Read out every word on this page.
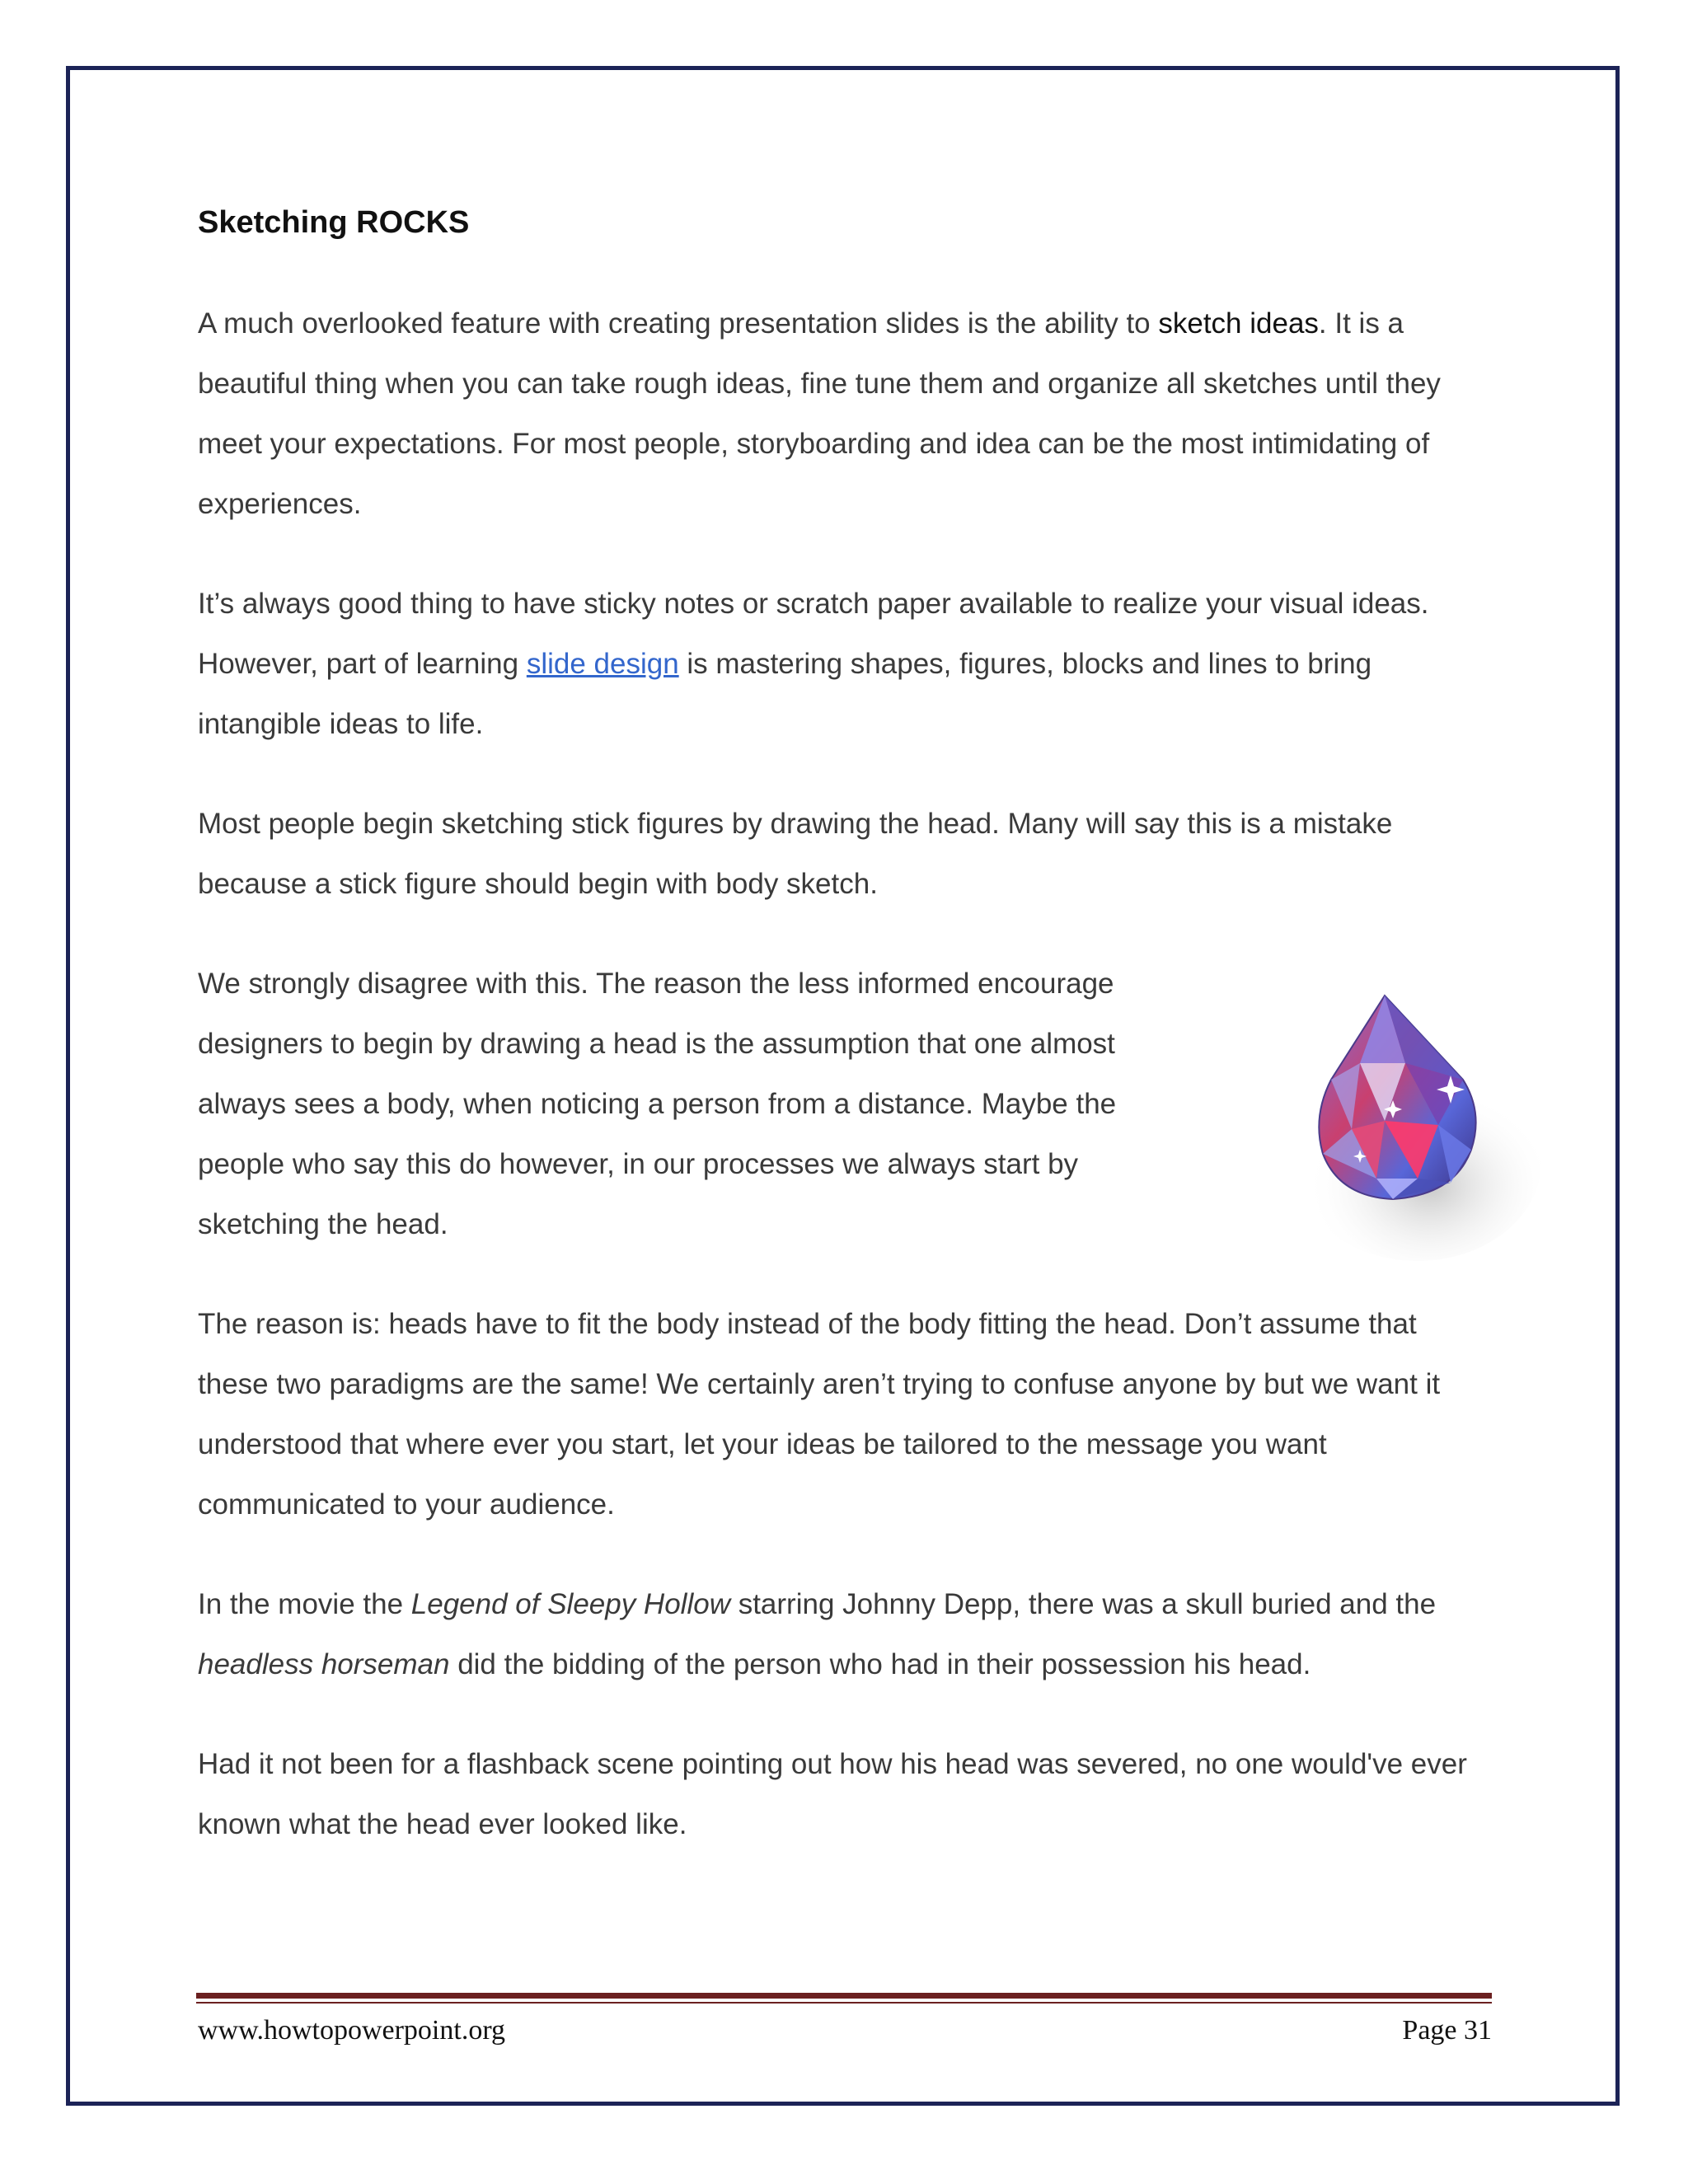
Sketching ROCKS

A much overlooked feature with creating presentation slides is the ability to sketch ideas. It is a beautiful thing when you can take rough ideas, fine tune them and organize all sketches until they meet your expectations. For most people, storyboarding and idea can be the most intimidating of experiences.

It’s always good thing to have sticky notes or scratch paper available to realize your visual ideas. However, part of learning slide design is mastering shapes, figures, blocks and lines to bring intangible ideas to life.

Most people begin sketching stick figures by drawing the head. Many will say this is a mistake because a stick figure should begin with body sketch.

We strongly disagree with this. The reason the less informed encourage designers to begin by drawing a head is the assumption that one almost always sees a body, when noticing a person from a distance. Maybe the people who say this do however, in our processes we always start by sketching the head.

The reason is: heads have to fit the body instead of the body fitting the head. Don’t assume that these two paradigms are the same! We certainly aren’t trying to confuse anyone by but we want it understood that where ever you start, let your ideas be tailored to the message you want communicated to your audience.

In the movie the Legend of Sleepy Hollow starring Johnny Depp, there was a skull buried and the headless horseman did the bidding of the person who had in their possession his head.

Had it not been for a flashback scene pointing out how his head was severed, no one would've ever known what the head ever looked like.

www.howtopowerpoint.org	Page 31
